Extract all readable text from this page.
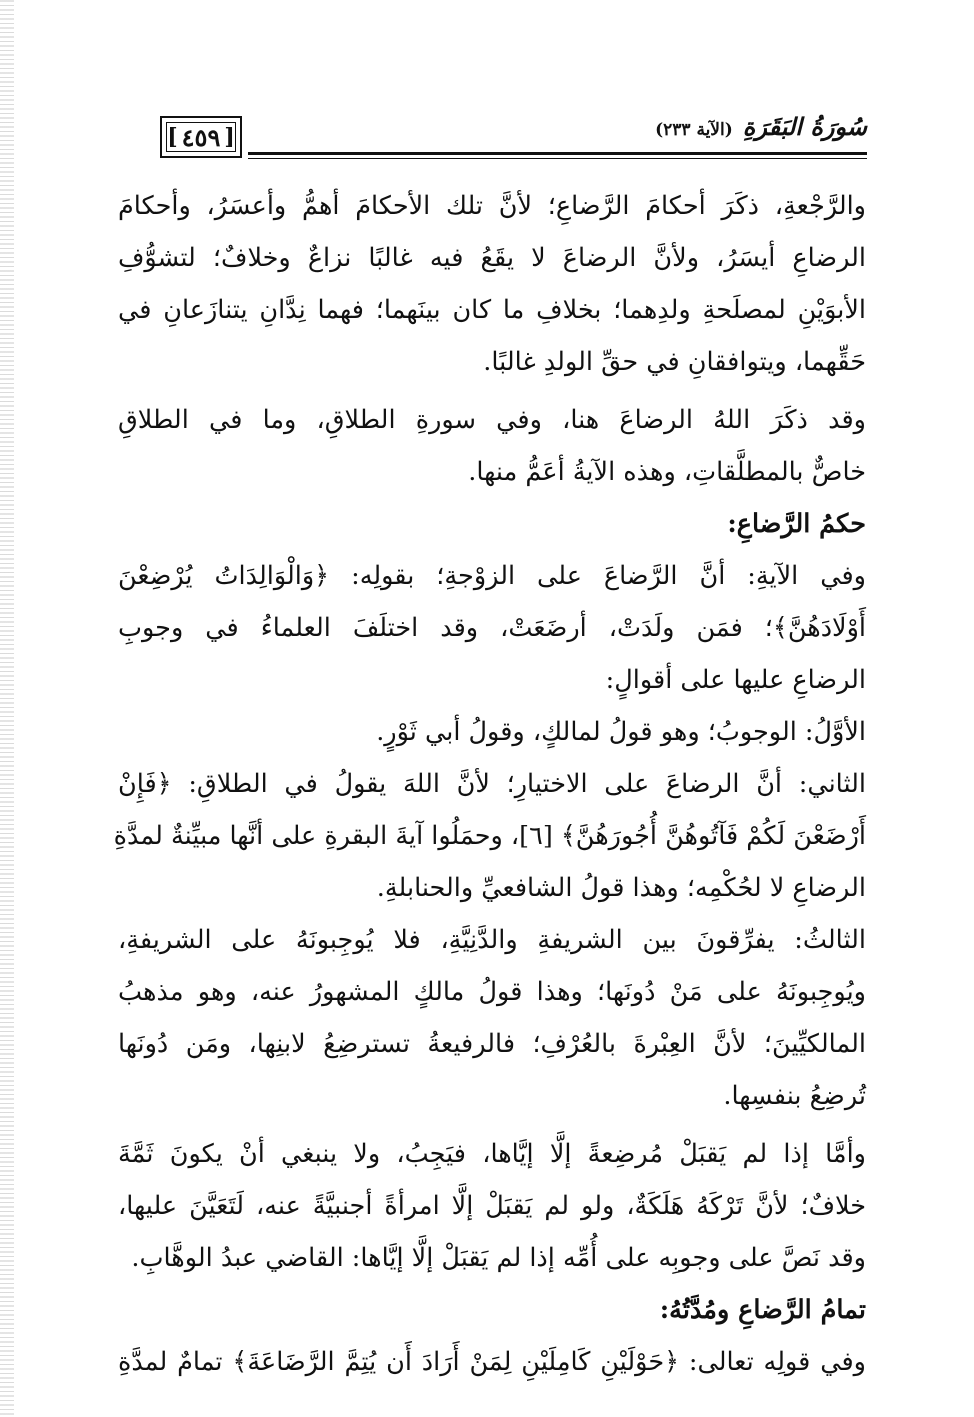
[ ٤٥٩ ]	سُورَةُ البَقَرَةِ
(الآية ٢٣٣)
والرَّجْعةِ، ذكَرَ أحكامَ الرَّضاعِ؛ لأنَّ تلك الأحكامَ أهمُّ وأعسَرُ، وأحكامَ
الرضاعِ أيسَرُ، ولأنَّ الرضاعَ لا يقَعُ فيه غالبًا نزاعٌ وخلافٌ؛ لتشوُّفِ
الأبوَيْنِ لمصلَحةِ ولدِهما؛ بخلافِ ما كان بينَهما؛ فهما نِدَّانِ يتنازَعانِ في
حَقِّهما، ويتوافقانِ في حقِّ الولدِ غالبًا.
وقد ذكَرَ اللهُ الرضاعَ هنا، وفي سورةِ الطلاقِ، وما في الطلاقِ
خاصٌّ بالمطلَّقاتِ، وهذه الآيةُ أعَمُّ منها.
حكمُ الرَّضاعِ:
وفي الآيةِ: أنَّ الرَّضاعَ على الزوْجةِ؛ بقولِه: ﴿وَالْوَالِدَاتُ يُرْضِعْنَ
أَوْلَادَهُنَّ﴾؛ فمَن ولَدَتْ، أرضَعَتْ، وقد اختلَفَ العلماءُ في وجوبِ
الرضاعِ عليها على أقوالٍ:
الأوَّلُ: الوجوبُ؛ وهو قولُ لمالكٍ، وقولُ أبي ثَوْرٍ.
الثاني: أنَّ الرضاعَ على الاختيارِ؛ لأنَّ اللهَ يقولُ في الطلاقِ: ﴿فَإِنْ
أَرْضَعْنَ لَكُمْ فَآتُوهُنَّ أُجُورَهُنَّ﴾ [٦]، وحمَلُوا آيةَ البقرةِ على أنَّها مبيِّنةٌ لمدَّةِ
الرضاعِ لا لحُكْمِه؛ وهذا قولُ الشافعيِّ والحنابلةِ.
الثالثُ: يفرِّقونَ بين الشريفةِ والدَّنِيَّةِ، فلا يُوجِبونَهُ على الشريفةِ،
ويُوجِبونَهُ على مَنْ دُونَها؛ وهذا قولُ مالكٍ المشهورُ عنه، وهو مذهبُ
المالكيِّينَ؛ لأنَّ العِبْرةَ بالعُرْفِ؛ فالرفيعةُ تسترضِعُ لابنِها، ومَن دُونَها
تُرضِعُ بنفسِها.
وأمَّا إذا لم يَقبَلْ مُرضِعةً إلَّا إيَّاها، فيَجِبُ، ولا ينبغي أنْ يكونَ ثَمَّةَ
خلافٌ؛ لأنَّ تَرْكَهُ هَلَكَةٌ، ولو لم يَقبَلْ إلَّا امرأةً أجنبيَّةً عنه، لَتَعَيَّنَ عليها،
وقد نَصَّ على وجوبِه على أُمِّه إذا لم يَقبَلْ إلَّا إيَّاها: القاضي عبدُ الوهَّابِ.
تمامُ الرَّضاعِ ومُدَّتُهُ:
وفي قولِه تعالى: ﴿حَوْلَيْنِ كَامِلَيْنِ لِمَنْ أَرَادَ أَن يُتِمَّ الرَّضَاعَةَ﴾ تمامٌ لمدَّةِ
